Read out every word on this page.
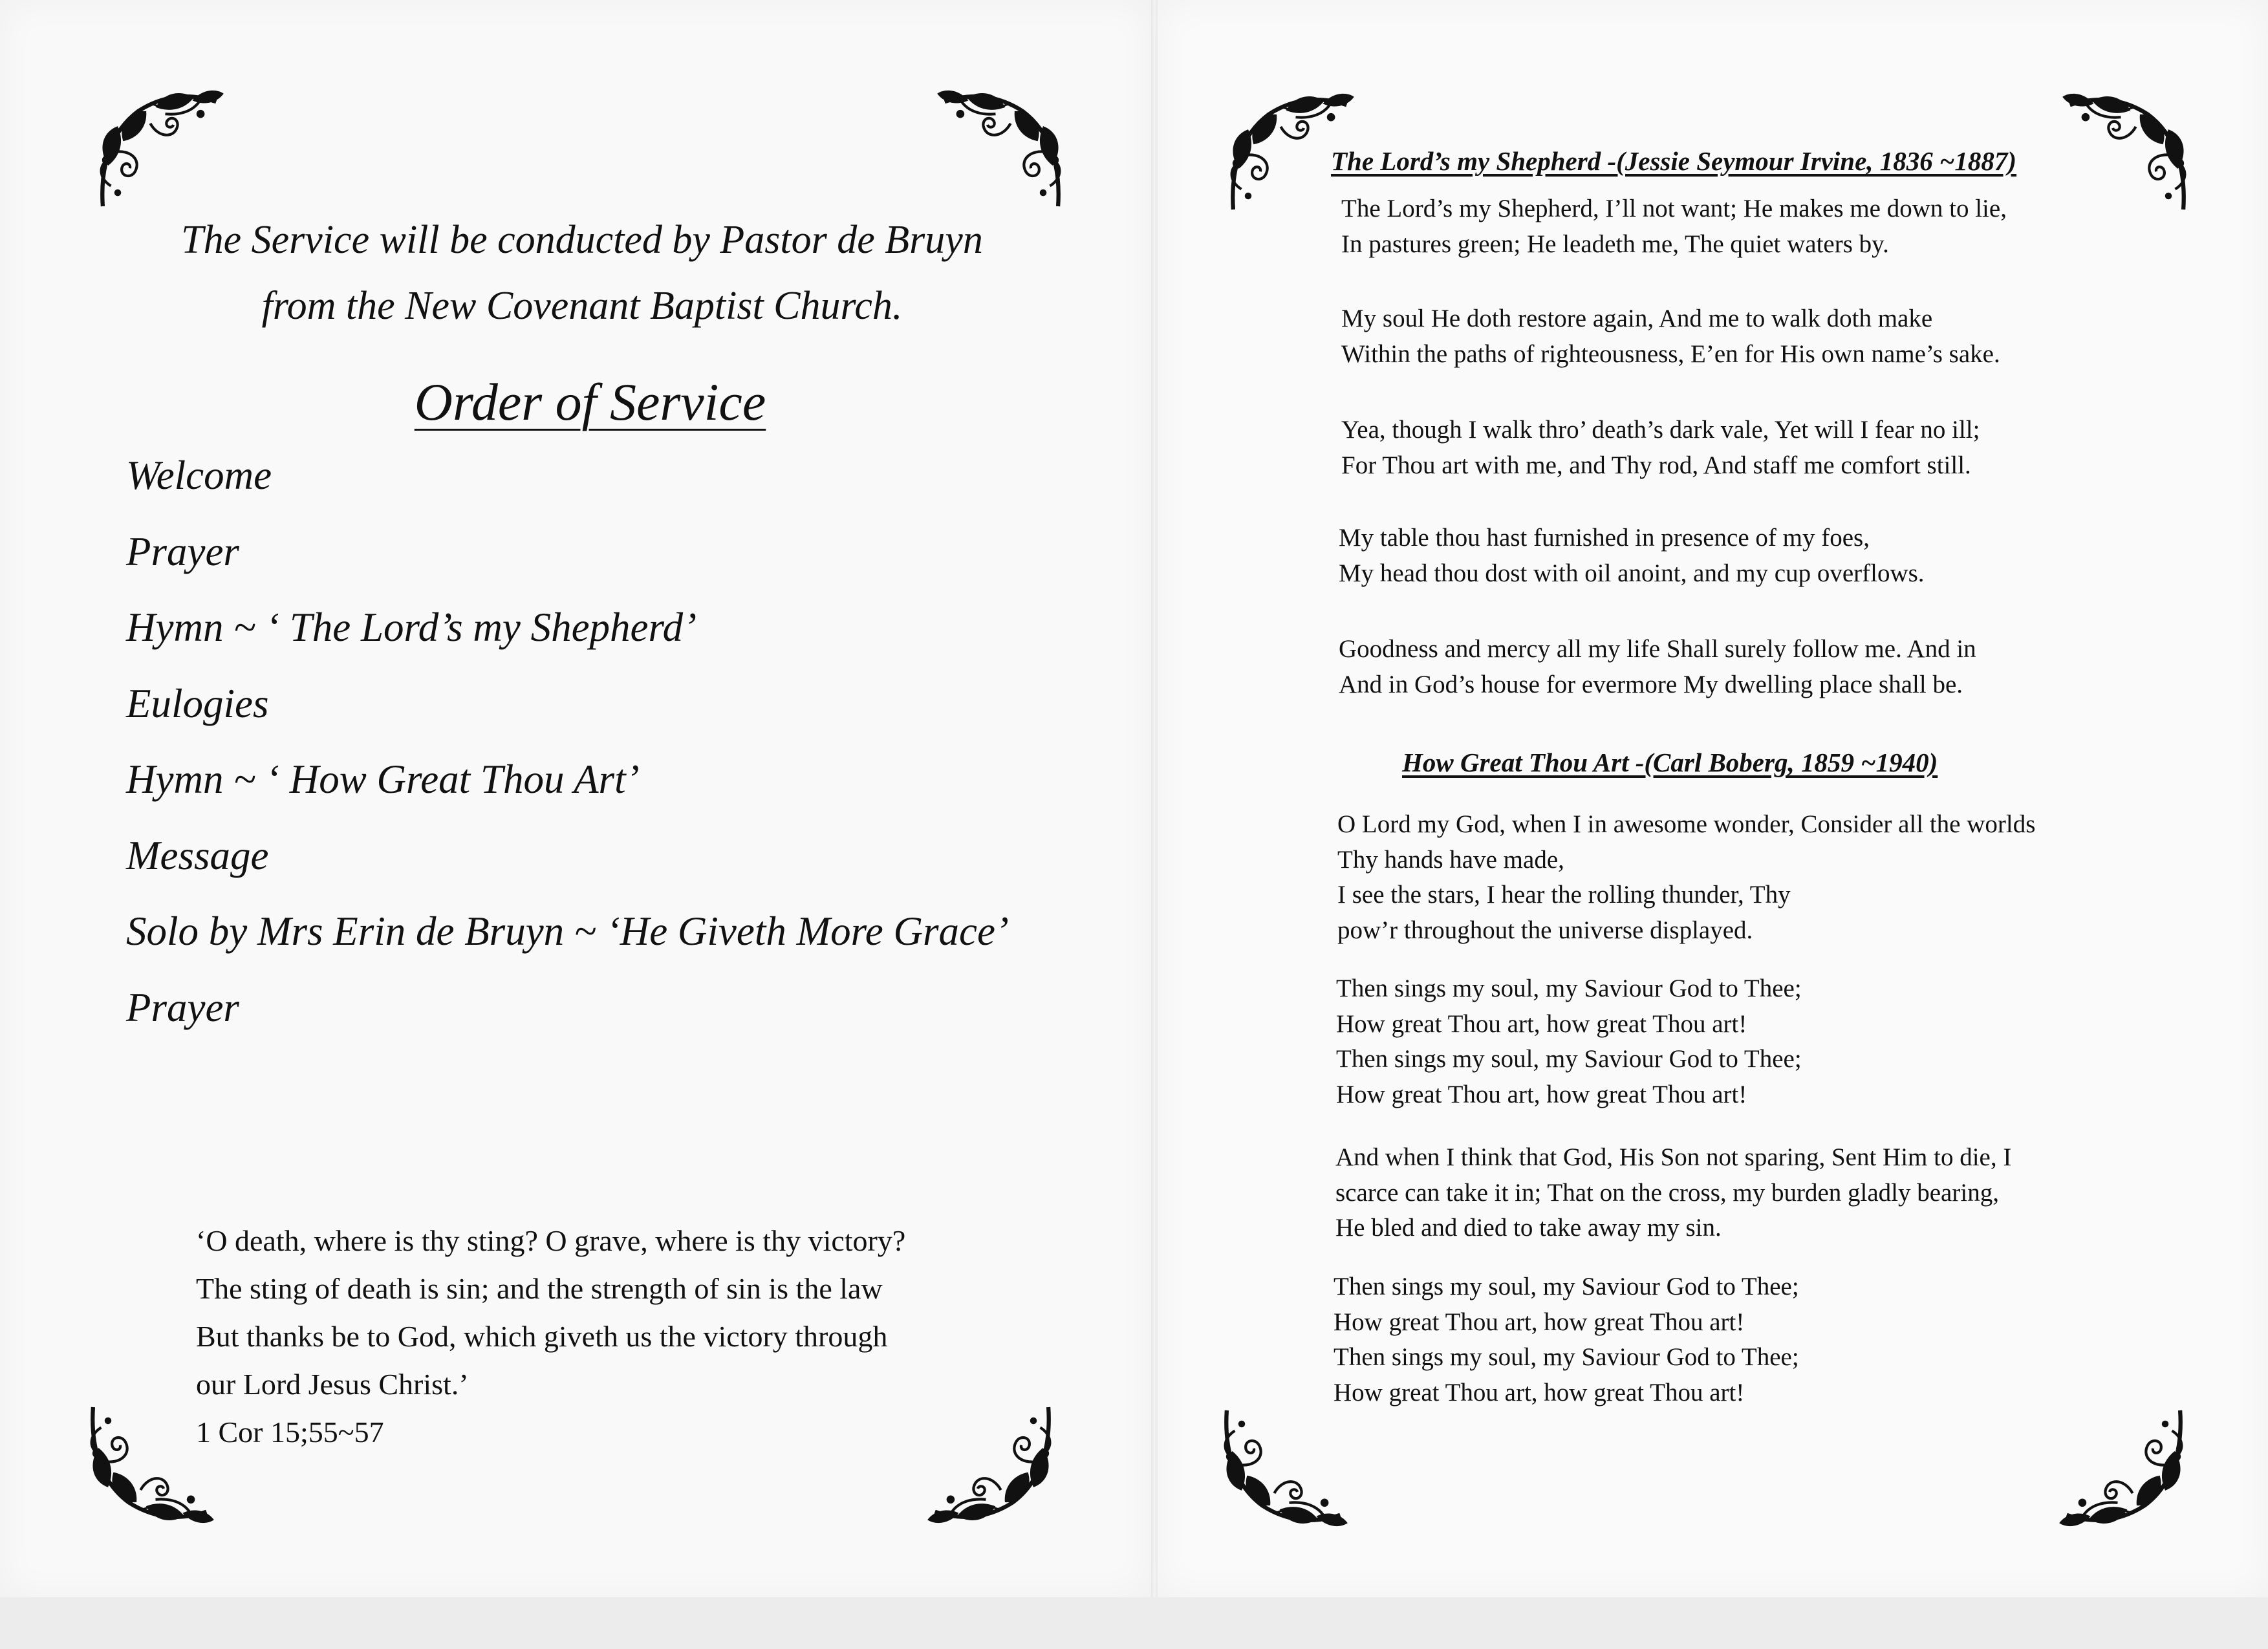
The Service will be conducted by Pastor de Bruyn
from the New Covenant Baptist Church.
Order of Service
Welcome
Prayer
Hymn ~ ‘ The Lord’s my Shepherd’
Eulogies
Hymn ~ ‘ How Great Thou Art’
Message
Solo by Mrs Erin de Bruyn ~ ‘He Giveth More Grace’
Prayer
‘O death, where is thy sting? O grave, where is thy victory?
The sting of death is sin; and the strength of sin is the law
But thanks be to God, which giveth us the victory through
our Lord Jesus Christ.’
1 Cor 15;55~57
The Lord’s my Shepherd -(Jessie Seymour Irvine, 1836 ~1887)
The Lord’s my Shepherd, I’ll not want; He makes me down to lie,
In pastures green; He leadeth me, The quiet waters by.
My soul He doth restore again, And me to walk doth make
Within the paths of righteousness, E’en for His own name’s sake.
Yea, though I walk thro’ death’s dark vale, Yet will I fear no ill;
For Thou art with me, and Thy rod, And staff me comfort still.
My table thou hast furnished in presence of my foes,
My head thou dost with oil anoint, and my cup overflows.
Goodness and mercy all my life Shall surely follow me. And in
And in God’s house for evermore My dwelling place shall be.
How Great Thou Art -(Carl Boberg, 1859 ~1940)
O Lord my God, when I in awesome wonder, Consider all the worlds
Thy hands have made,
I see the stars, I hear the rolling thunder, Thy
pow’r throughout the universe displayed.
Then sings my soul, my Saviour God to Thee;
How great Thou art, how great Thou art!
Then sings my soul, my Saviour God to Thee;
How great Thou art, how great Thou art!
And when I think that God, His Son not sparing, Sent Him to die, I
scarce can take it in; That on the cross, my burden gladly bearing,
He bled and died to take away my sin.
Then sings my soul, my Saviour God to Thee;
How great Thou art, how great Thou art!
Then sings my soul, my Saviour God to Thee;
How great Thou art, how great Thou art!
